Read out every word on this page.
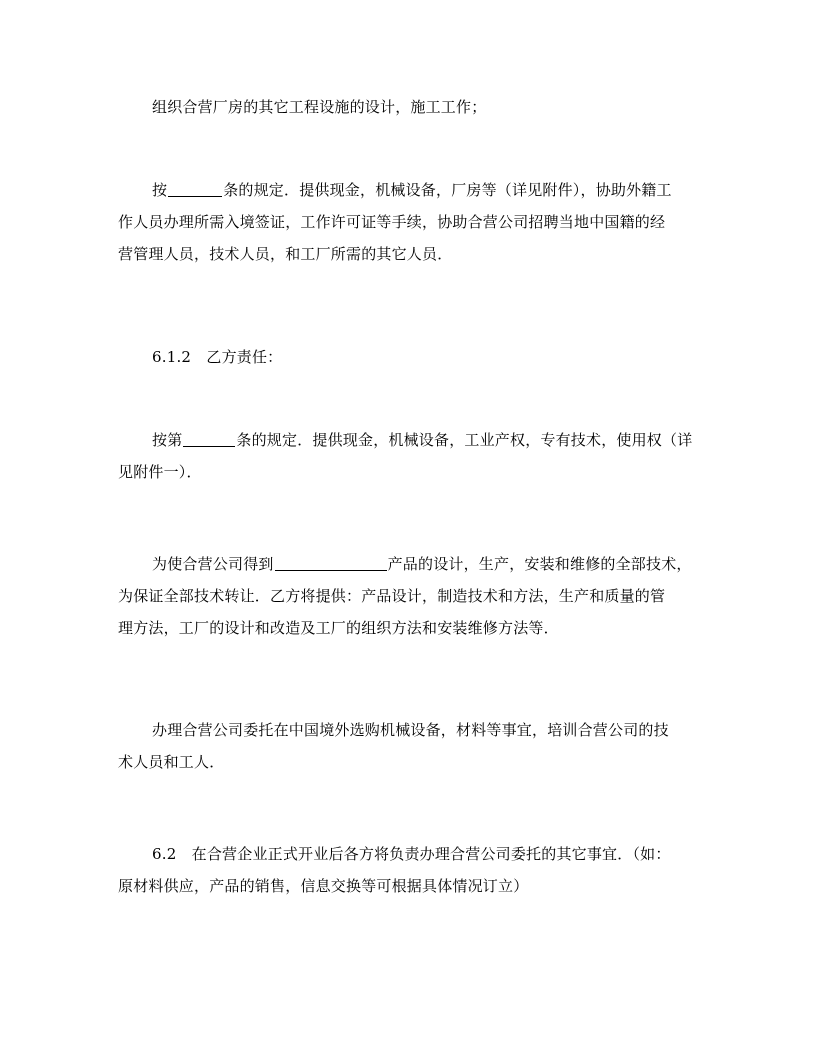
组织合营厂房的其它工程设施的设计，施工工作；
按	条的规定．提供现金，机械设备，厂房等（详见附件），协助外籍工
作人员办理所需入境签证，工作许可证等手续，协助合营公司招聘当地中国籍的经
营管理人员，技术人员，和工厂所需的其它人员．
6.1.2　乙方责任：
按第	条的规定．提供现金，机械设备，工业产权，专有技术，使用权（详
见附件一）．
为使合营公司得到	产品的设计，生产，安装和维修的全部技术，
为保证全部技术转让．乙方将提供：产品设计，制造技术和方法，生产和质量的管
理方法，工厂的设计和改造及工厂的组织方法和安装维修方法等．
办理合营公司委托在中国境外选购机械设备，材料等事宜，培训合营公司的技
术人员和工人．
6.2　在合营企业正式开业后各方将负责办理合营公司委托的其它事宜．（如：
原材料供应，产品的销售，信息交换等可根据具体情况订立）
